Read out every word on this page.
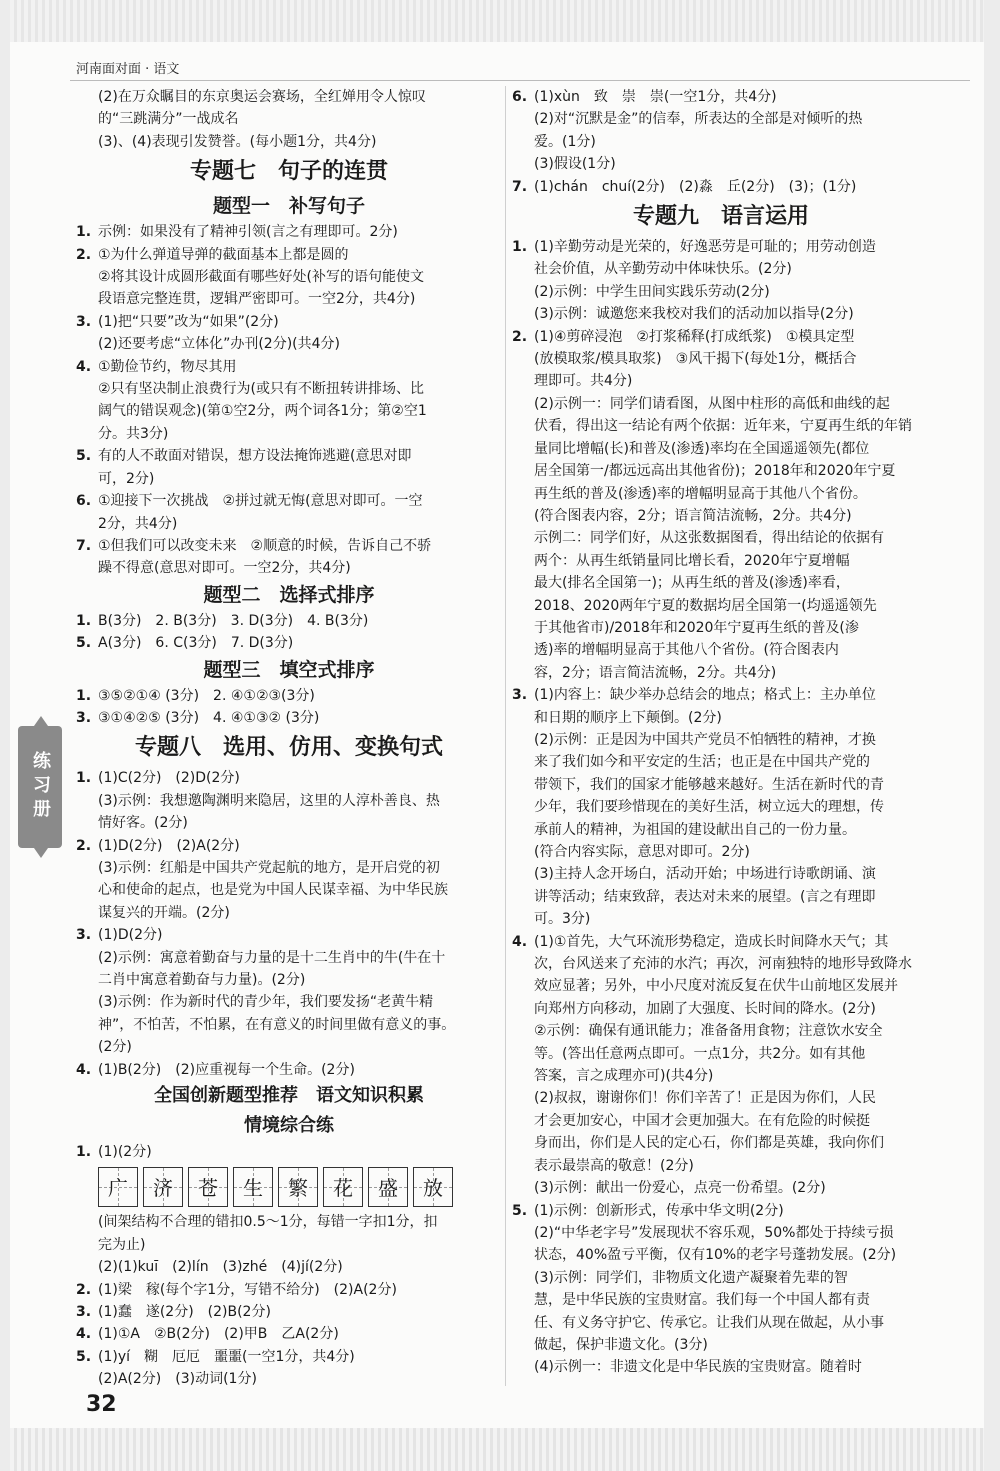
河南面对面 · 语文
(2)在万众瞩目的东京奥运会赛场，全红婵用令人惊叹
的“三跳满分”一战成名
(3)、(4)表现引发赞誉。(每小题1分，共4分)
专题七　句子的连贯
题型一　补写句子
1. 示例：如果没有了精神引领(言之有理即可。2分)
2. ①为什么弹道导弹的截面基本上都是圆的
②将其设计成圆形截面有哪些好处(补写的语句能使文
段语意完整连贯，逻辑严密即可。一空2分，共4分)
3. (1)把“只要”改为“如果”(2分)
(2)还要考虑“立体化”办刊(2分)(共4分)
4. ①勤俭节约，物尽其用
②只有坚决制止浪费行为(或只有不断扭转讲排场、比
阔气的错误观念)(第①空2分，两个词各1分；第②空1
分。共3分)
5. 有的人不敢面对错误，想方设法掩饰逃避(意思对即
可，2分)
6. ①迎接下一次挑战　②拼过就无悔(意思对即可。一空
2分，共4分)
7. ①但我们可以改变未来　②顺意的时候，告诉自己不骄
躁不得意(意思对即可。一空2分，共4分)
题型二　选择式排序
1. B(3分)　2. B(3分)　3. D(3分)　4. B(3分)
5. A(3分)　6. C(3分)　7. D(3分)
题型三　填空式排序
1. ③⑤②①④ (3分)　2. ④①②③(3分)
3. ③①④②⑤ (3分)　4. ④①③② (3分)
专题八　选用、仿用、变换句式
1. (1)C(2分)　(2)D(2分)
(3)示例：我想邀陶渊明来隐居，这里的人淳朴善良、热
情好客。(2分)
2. (1)D(2分)　(2)A(2分)
(3)示例：红船是中国共产党起航的地方，是开启党的初
心和使命的起点，也是党为中国人民谋幸福、为中华民族
谋复兴的开端。(2分)
3. (1)D(2分)
(2)示例：寓意着勤奋与力量的是十二生肖中的牛(牛在十
二肖中寓意着勤奋与力量)。(2分)
(3)示例：作为新时代的青少年，我们要发扬“老黄牛精
神”，不怕苦，不怕累，在有意义的时间里做有意义的事。
(2分)
4. (1)B(2分)　(2)应重视每一个生命。(2分)
全国创新题型推荐　语文知识积累
情境综合练
1. (1)(2分)
广	济	苍	生	繁	花	盛	放
(间架结构不合理的错扣0.5～1分，每错一字扣1分，扣
完为止)
(2)(1)kuī　(2)lín　(3)zhé　(4)jí(2分)
2. (1)梁　稼(每个字1分，写错不给分)　(2)A(2分)
3. (1)蠢　遂(2分)　(2)B(2分)
4. (1)①A　②B(2分)　(2)甲B　乙A(2分)
5. (1)yí　糊　厄厄　噩噩(一空1分，共4分)
(2)A(2分)　(3)动词(1分)
6. (1)xùn　致　崇　崇(一空1分，共4分)
(2)对“沉默是金”的信奉，所表达的全部是对倾听的热
爱。(1分)
(3)假设(1分)
7. (1)chán　chuí(2分)　(2)淼　丘(2分)　(3)；(1分)
专题九　语言运用
1. (1)辛勤劳动是光荣的，好逸恶劳是可耻的；用劳动创造
社会价值，从辛勤劳动中体味快乐。(2分)
(2)示例：中学生田间实践乐劳动(2分)
(3)示例：诚邀您来我校对我们的活动加以指导(2分)
2. (1)④剪碎浸泡　②打浆稀释(打成纸浆)　①模具定型
(放模取浆/模具取浆)　③风干揭下(每处1分，概括合
理即可。共4分)
(2)示例一：同学们请看图，从图中柱形的高低和曲线的起
伏看，得出这一结论有两个依据：近年来，宁夏再生纸的年销
量同比增幅(长)和普及(渗透)率均在全国遥遥领先(都位
居全国第一/都远远高出其他省份)；2018年和2020年宁夏
再生纸的普及(渗透)率的增幅明显高于其他八个省份。
(符合图表内容，2分；语言简洁流畅，2分。共4分)
示例二：同学们好，从这张数据图看，得出结论的依据有
两个：从再生纸销量同比增长看，2020年宁夏增幅
最大(排名全国第一)；从再生纸的普及(渗透)率看，
2018、2020两年宁夏的数据均居全国第一(均遥遥领先
于其他省市)/2018年和2020年宁夏再生纸的普及(渗
透)率的增幅明显高于其他八个省份。(符合图表内
容，2分；语言简洁流畅，2分。共4分)
3. (1)内容上：缺少举办总结会的地点；格式上：主办单位
和日期的顺序上下颠倒。(2分)
(2)示例：正是因为中国共产党员不怕牺牲的精神，才换
来了我们如今和平安定的生活；也正是在中国共产党的
带领下，我们的国家才能够越来越好。生活在新时代的青
少年，我们要珍惜现在的美好生活，树立远大的理想，传
承前人的精神，为祖国的建设献出自己的一份力量。
(符合内容实际，意思对即可。2分)
(3)主持人念开场白，活动开始；中场进行诗歌朗诵、演
讲等活动；结束致辞，表达对未来的展望。(言之有理即
可。3分)
4. (1)①首先，大气环流形势稳定，造成长时间降水天气；其
次，台风送来了充沛的水汽；再次，河南独特的地形导致降水
效应显著；另外，中小尺度对流反复在伏牛山前地区发展并
向郑州方向移动，加剧了大强度、长时间的降水。(2分)
②示例：确保有通讯能力；准备备用食物；注意饮水安全
等。(答出任意两点即可。一点1分，共2分。如有其他
答案，言之成理亦可)(共4分)
(2)叔叔，谢谢你们！你们辛苦了！正是因为你们，人民
才会更加安心，中国才会更加强大。在有危险的时候挺
身而出，你们是人民的定心石，你们都是英雄，我向你们
表示最崇高的敬意！(2分)
(3)示例：献出一份爱心，点亮一份希望。(2分)
5. (1)示例：创新形式，传承中华文明(2分)
(2)“中华老字号”发展现状不容乐观，50%都处于持续亏损
状态，40%盈亏平衡，仅有10%的老字号蓬勃发展。(2分)
(3)示例：同学们，非物质文化遗产凝聚着先辈的智
慧，是中华民族的宝贵财富。我们每一个中国人都有责
任、有义务守护它、传承它。让我们从现在做起，从小事
做起，保护非遗文化。(3分)
(4)示例一：非遗文化是中华民族的宝贵财富。随着时
练习册
32
